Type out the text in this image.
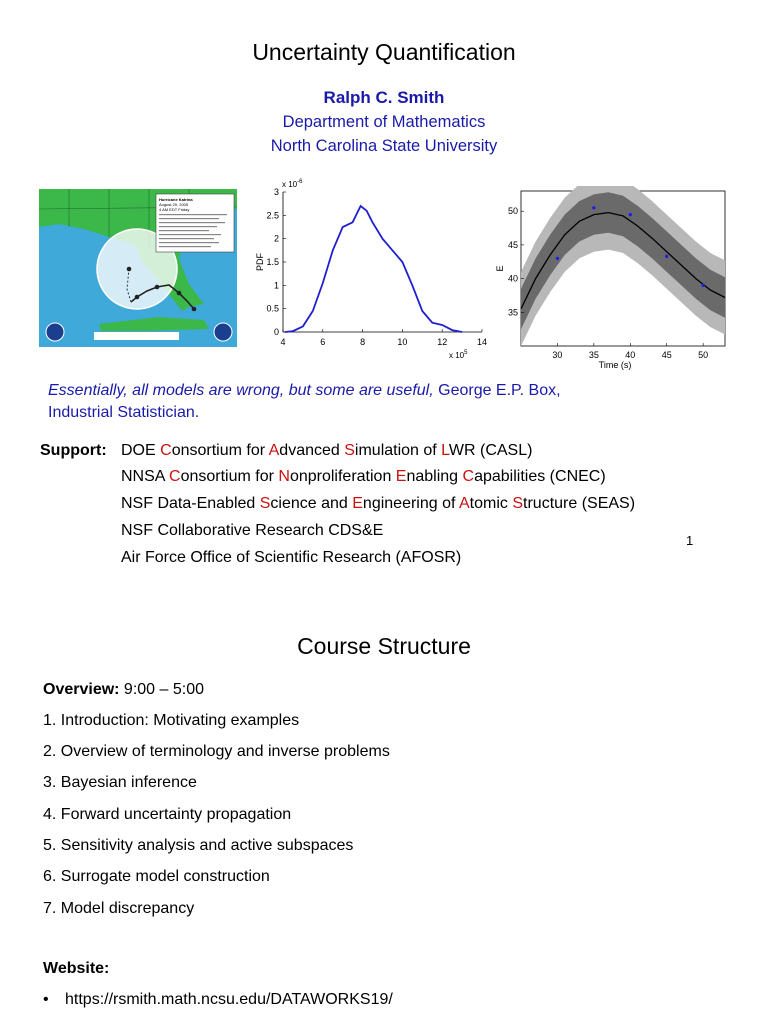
Uncertainty Quantification
Ralph C. Smith
Department of Mathematics
North Carolina State University
Hurricane Katrina
August 29, 2005
4 AM EDT Friday
4	6	8	10	12	14
0
0.5
1
1.5
2
2.5
3
x $10^{-6}$
x $10^5$
PDF
30	35	40	45	50
35
40
45
50
Time (s)
E
Essentially, all models are wrong, but some are useful, George E.P. Box,
Industrial Statistician.
Support: DOE Consortium for Advanced Simulation of LWR (CASL)
NNSA Consortium for Nonproliferation Enabling Capabilities (CNEC)
NSF Data-Enabled Science and Engineering of Atomic Structure (SEAS)
NSF Collaborative Research CDS&E
Air Force Office of Scientific Research (AFOSR)
1
Course Structure
Overview: 9:00 – 5:00
1. Introduction: Motivating examples
2. Overview of terminology and inverse problems
3. Bayesian inference
4. Forward uncertainty propagation
5. Sensitivity analysis and active subspaces
6. Surrogate model construction
7. Model discrepancy
Website:
• https://rsmith.math.ncsu.edu/DATAWORKS19/
